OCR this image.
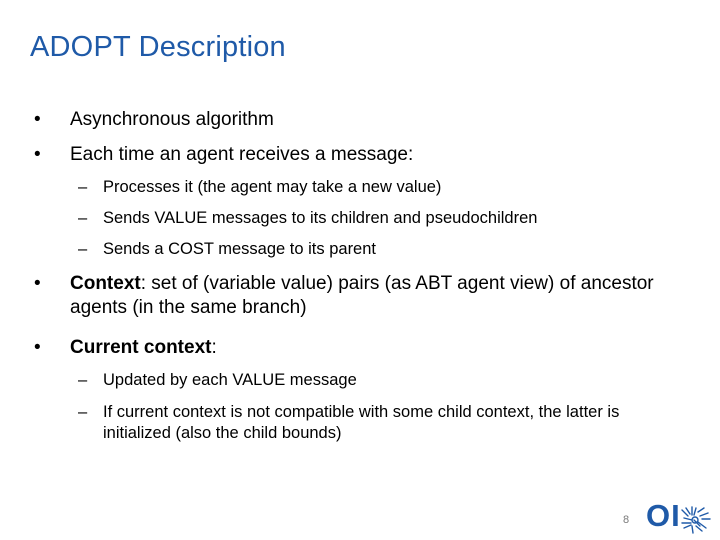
ADOPT Description
• Asynchronous algorithm
• Each time an agent receives a message:
– Processes it (the agent may take a new value)
– Sends VALUE messages to its children and pseudochildren
– Sends a COST message to its parent
• Context: set of (variable value) pairs (as ABT agent view) of ancestor agents (in the same branch)
• Current context:
– Updated by each VALUE message
– If current context is not compatible with some child context, the latter is initialized (also the child bounds)
8 OI
